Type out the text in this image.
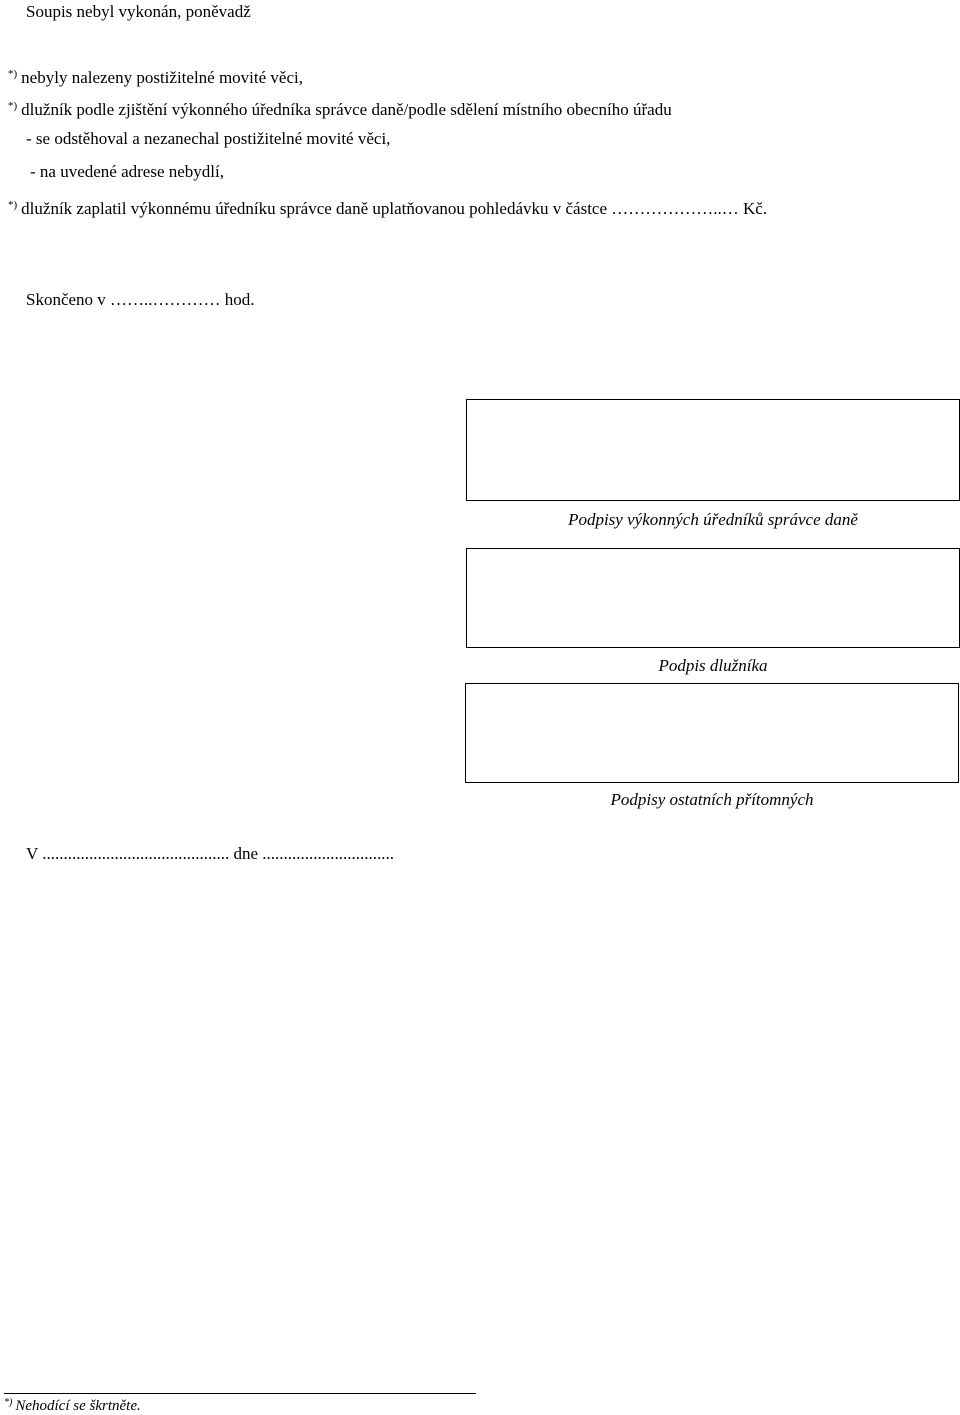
Soupis nebyl vykonán, poněvadž
*) nebyly nalezeny postižitelné movité věci,
*) dlužník podle zjištění výkonného úředníka správce daně/podle sdělení místního obecního úřadu
- se odstěhoval a nezanechal postižitelné movité věci,
- na uvedené adrese nebydlí,
*) dlužník zaplatil výkonnému úředníku správce daně uplatňovanou pohledávku v částce ………………..… Kč.
Skončeno v ……..………… hod.
Podpisy výkonných úředníků správce daně
Podpis dlužníka
Podpisy ostatních přítomných
V ............................................ dne ...............................
*) Nehodící se škrtněte.
